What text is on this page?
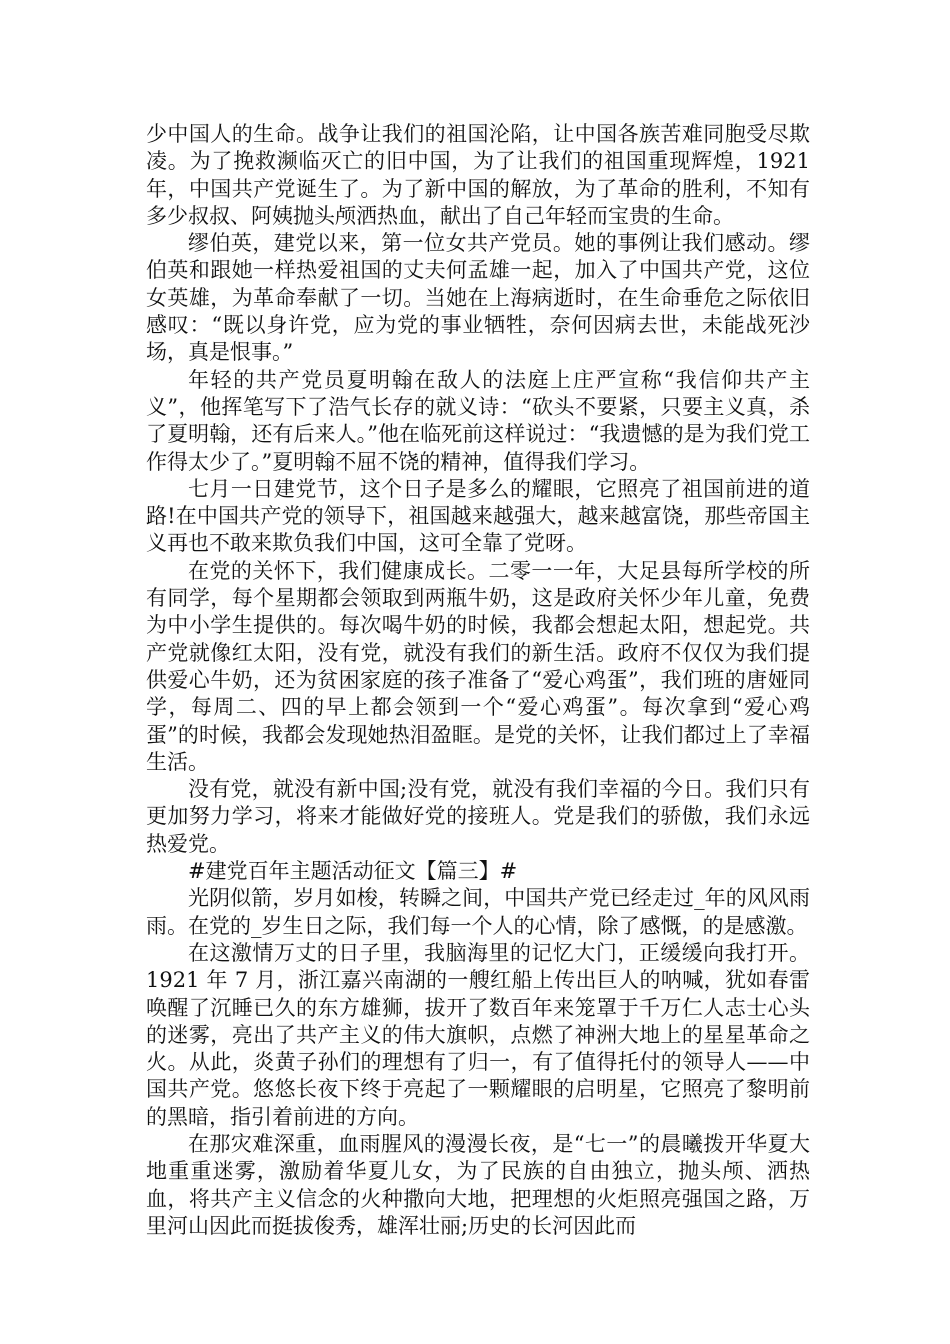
少中国人的生命。战争让我们的祖国沦陷，让中国各族苦难同胞受尽欺凌。为了挽救濒临灭亡的旧中国，为了让我们的祖国重现辉煌，1921 年，中国共产党诞生了。为了新中国的解放，为了革命的胜利，不知有多少叔叔、阿姨抛头颅洒热血，献出了自己年轻而宝贵的生命。

缪伯英，建党以来，第一位女共产党员。她的事例让我们感动。缪伯英和跟她一样热爱祖国的丈夫何孟雄一起，加入了中国共产党，这位女英雄，为革命奉献了一切。当她在上海病逝时，在生命垂危之际依旧感叹：“既以身许党，应为党的事业牺牲，奈何因病去世，未能战死沙场，真是恨事。”

年轻的共产党员夏明翰在敌人的法庭上庄严宣称“我信仰共产主义”，他挥笔写下了浩气长存的就义诗：“砍头不要紧，只要主义真，杀了夏明翰，还有后来人。”他在临死前这样说过：“我遗憾的是为我们党工作得太少了。”夏明翰不屈不饶的精神，值得我们学习。

七月一日建党节，这个日子是多么的耀眼，它照亮了祖国前进的道路!在中国共产党的领导下，祖国越来越强大，越来越富饶，那些帝国主义再也不敢来欺负我们中国，这可全靠了党呀。

在党的关怀下，我们健康成长。二零一一年，大足县每所学校的所有同学，每个星期都会领取到两瓶牛奶，这是政府关怀少年儿童，免费为中小学生提供的。每次喝牛奶的时候，我都会想起太阳，想起党。共产党就像红太阳，没有党，就没有我们的新生活。政府不仅仅为我们提供爱心牛奶，还为贫困家庭的孩子准备了“爱心鸡蛋”，我们班的唐娅同学，每周二、四的早上都会领到一个“爱心鸡蛋”。每次拿到“爱心鸡蛋”的时候，我都会发现她热泪盈眶。是党的关怀，让我们都过上了幸福生活。

没有党，就没有新中国;没有党，就没有我们幸福的今日。我们只有更加努力学习，将来才能做好党的接班人。党是我们的骄傲，我们永远热爱党。

#建党百年主题活动征文【篇三】#

光阴似箭，岁月如梭，转瞬之间，中国共产党已经走过_年的风风雨雨。在党的_岁生日之际，我们每一个人的心情，除了感慨，的是感激。

在这激情万丈的日子里，我脑海里的记忆大门，正缓缓向我打开。1921 年 7 月，浙江嘉兴南湖的一艘红船上传出巨人的呐喊，犹如春雷唤醒了沉睡已久的东方雄狮，拔开了数百年来笼罩于千万仁人志士心头的迷雾，亮出了共产主义的伟大旗帜，点燃了神洲大地上的星星革命之火。从此，炎黄子孙们的理想有了归一，有了值得托付的领导人——中国共产党。悠悠长夜下终于亮起了一颗耀眼的启明星，它照亮了黎明前的黑暗，指引着前进的方向。

在那灾难深重，血雨腥风的漫漫长夜，是“七一”的晨曦拨开华夏大地重重迷雾，激励着华夏儿女，为了民族的自由独立，抛头颅、洒热血，将共产主义信念的火种撒向大地，把理想的火炬照亮强国之路，万里河山因此而挺拔俊秀，雄浑壮丽;历史的长河因此而
